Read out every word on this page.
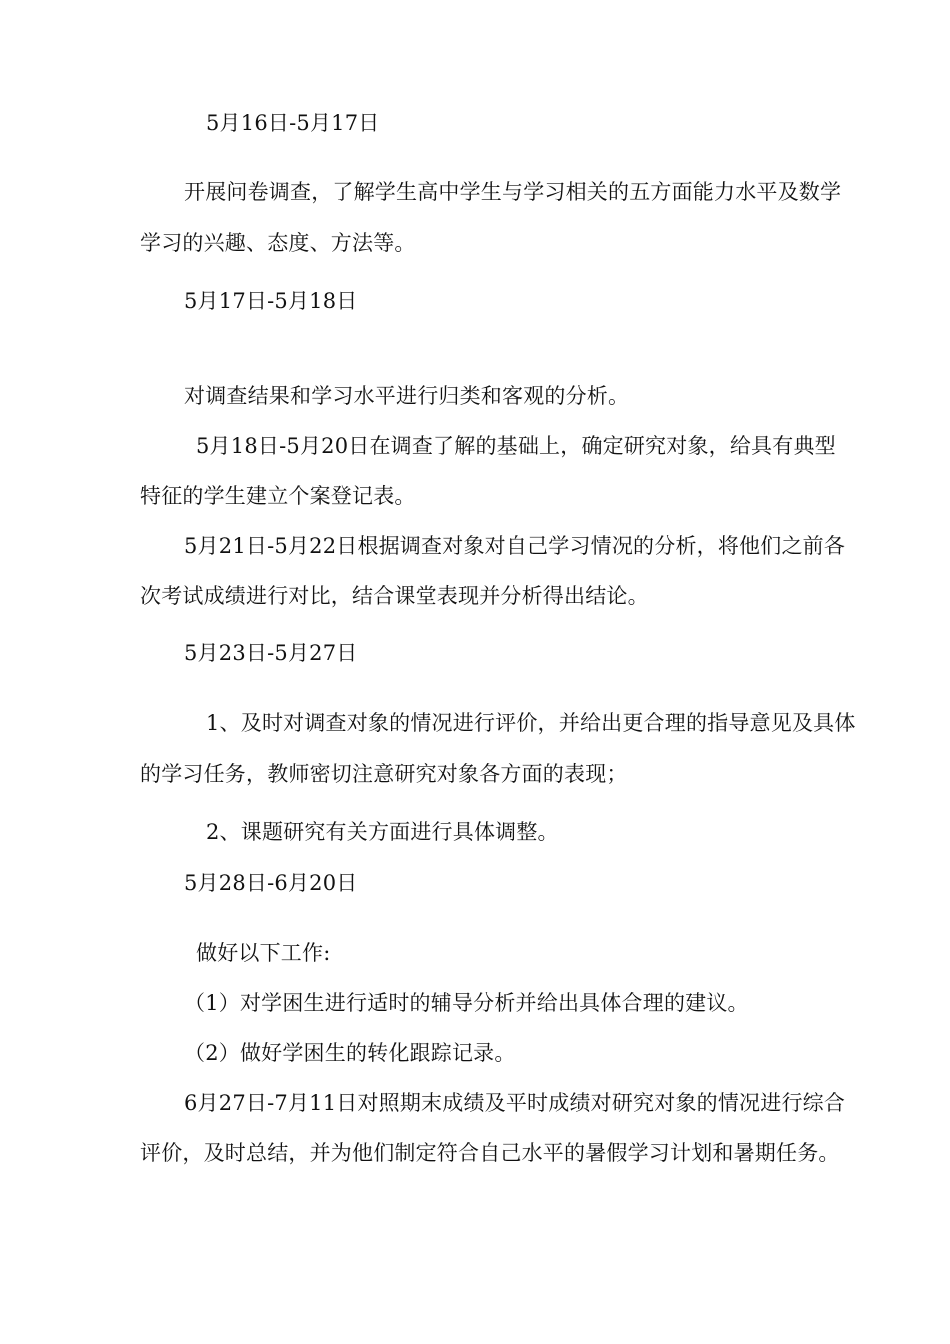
5月16日-5月17日
开展问卷调查，了解学生高中学生与学习相关的五方面能力水平及数学
学习的兴趣、态度、方法等。
5月17日-5月18日
对调查结果和学习水平进行归类和客观的分析。
5月18日-5月20日在调查了解的基础上，确定研究对象，给具有典型
特征的学生建立个案登记表。
5月21日-5月22日根据调查对象对自己学习情况的分析，将他们之前各
次考试成绩进行对比，结合课堂表现并分析得出结论。
5月23日-5月27日
1、及时对调查对象的情况进行评价，并给出更合理的指导意见及具体
的学习任务，教师密切注意研究对象各方面的表现；
2、课题研究有关方面进行具体调整。
5月28日-6月20日
做好以下工作:
（1）对学困生进行适时的辅导分析并给出具体合理的建议。
（2）做好学困生的转化跟踪记录。
6月27日-7月11日对照期末成绩及平时成绩对研究对象的情况进行综合
评价，及时总结，并为他们制定符合自己水平的暑假学习计划和暑期任务。
